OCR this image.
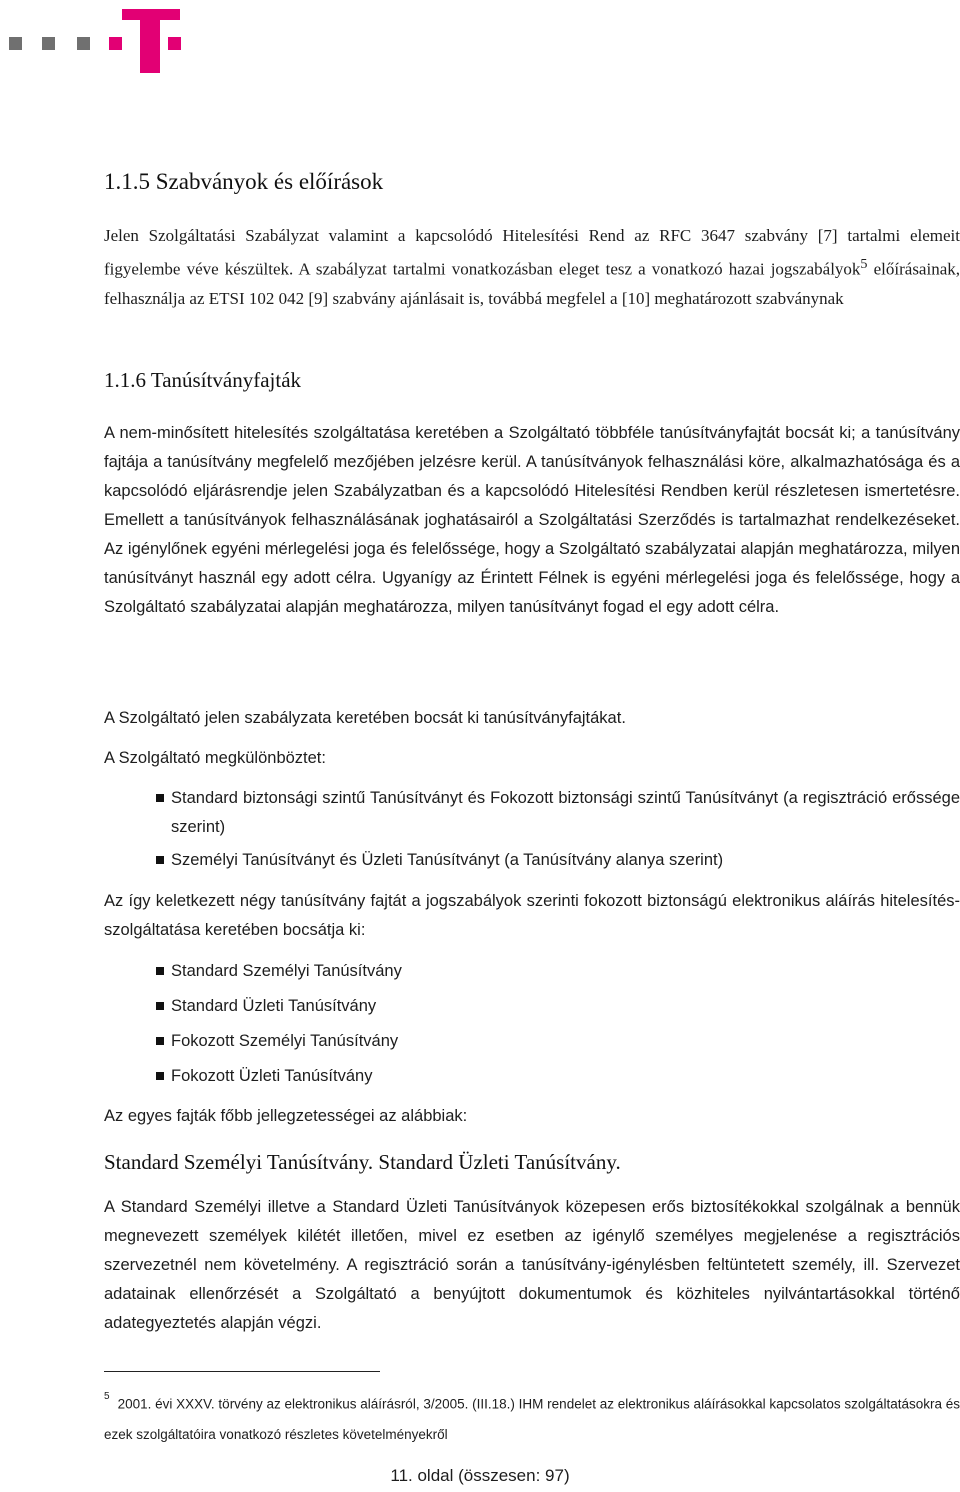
1.1.5 Szabványok és előírások

Jelen Szolgáltatási Szabályzat valamint a kapcsolódó Hitelesítési Rend az RFC 3647 szabvány [7] tartalmi elemeit figyelembe véve készültek. A szabályzat tartalmi vonatkozásban eleget tesz a vonatkozó hazai jogszabályok$^5$ előírásainak, felhasználja az ETSI 102 042 [9] szabvány ajánlásait is, továbbá megfelel a [10] meghatározott szabványnak

1.1.6 Tanúsítványfajták

A nem-minősített hitelesítés szolgáltatása keretében a Szolgáltató többféle tanúsítványfajtát bocsát ki; a tanúsítvány fajtája a tanúsítvány megfelelő mezőjében jelzésre kerül. A tanúsítványok felhasználási köre, alkalmazhatósága és a kapcsolódó eljárásrendje jelen Szabályzatban és a kapcsolódó Hitelesítési Rendben kerül részletesen ismertetésre. Emellett a tanúsítványok felhasználásának joghatásairól a Szolgáltatási Szerződés is tartalmazhat rendelkezéseket. Az igénylőnek egyéni mérlegelési joga és felelőssége, hogy a Szolgáltató szabályzatai alapján meghatározza, milyen tanúsítványt használ egy adott célra. Ugyanígy az Érintett Félnek is egyéni mérlegelési joga és felelőssége, hogy a Szolgáltató szabályzatai alapján meghatározza, milyen tanúsítványt fogad el egy adott célra.

A Szolgáltató jelen szabályzata keretében bocsát ki tanúsítványfajtákat.

A Szolgáltató megkülönböztet:

Standard biztonsági szintű Tanúsítványt és Fokozott biztonsági szintű Tanúsítványt (a regisztráció erőssége szerint)
Személyi Tanúsítványt és Üzleti Tanúsítványt (a Tanúsítvány alanya szerint)

Az így keletkezett négy tanúsítvány fajtát a jogszabályok szerinti fokozott biztonságú elektronikus aláírás hitelesítés-szolgáltatása keretében bocsátja ki:

Standard Személyi Tanúsítvány
Standard Üzleti Tanúsítvány
Fokozott Személyi Tanúsítvány
Fokozott Üzleti Tanúsítvány

Az egyes fajták főbb jellegzetességei az alábbiak:

Standard Személyi Tanúsítvány. Standard Üzleti Tanúsítvány.

A Standard Személyi illetve a Standard Üzleti Tanúsítványok közepesen erős biztosítékokkal szolgálnak a bennük megnevezett személyek kilétét illetően, mivel ez esetben az igénylő személyes megjelenése a regisztrációs szervezetnél nem követelmény. A regisztráció során a tanúsítvány-igénylésben feltüntetett személy, ill. Szervezet adatainak ellenőrzését a Szolgáltató a benyújtott dokumentumok és közhiteles nyilvántartásokkal történő adategyeztetés alapján végzi.

$^5$ 2001. évi XXXV. törvény az elektronikus aláírásról, 3/2005. (III.18.) IHM rendelet az elektronikus aláírásokkal kapcsolatos szolgáltatásokra és ezek szolgáltatóira vonatkozó részletes követelményekről
11. oldal (összesen: 97)
